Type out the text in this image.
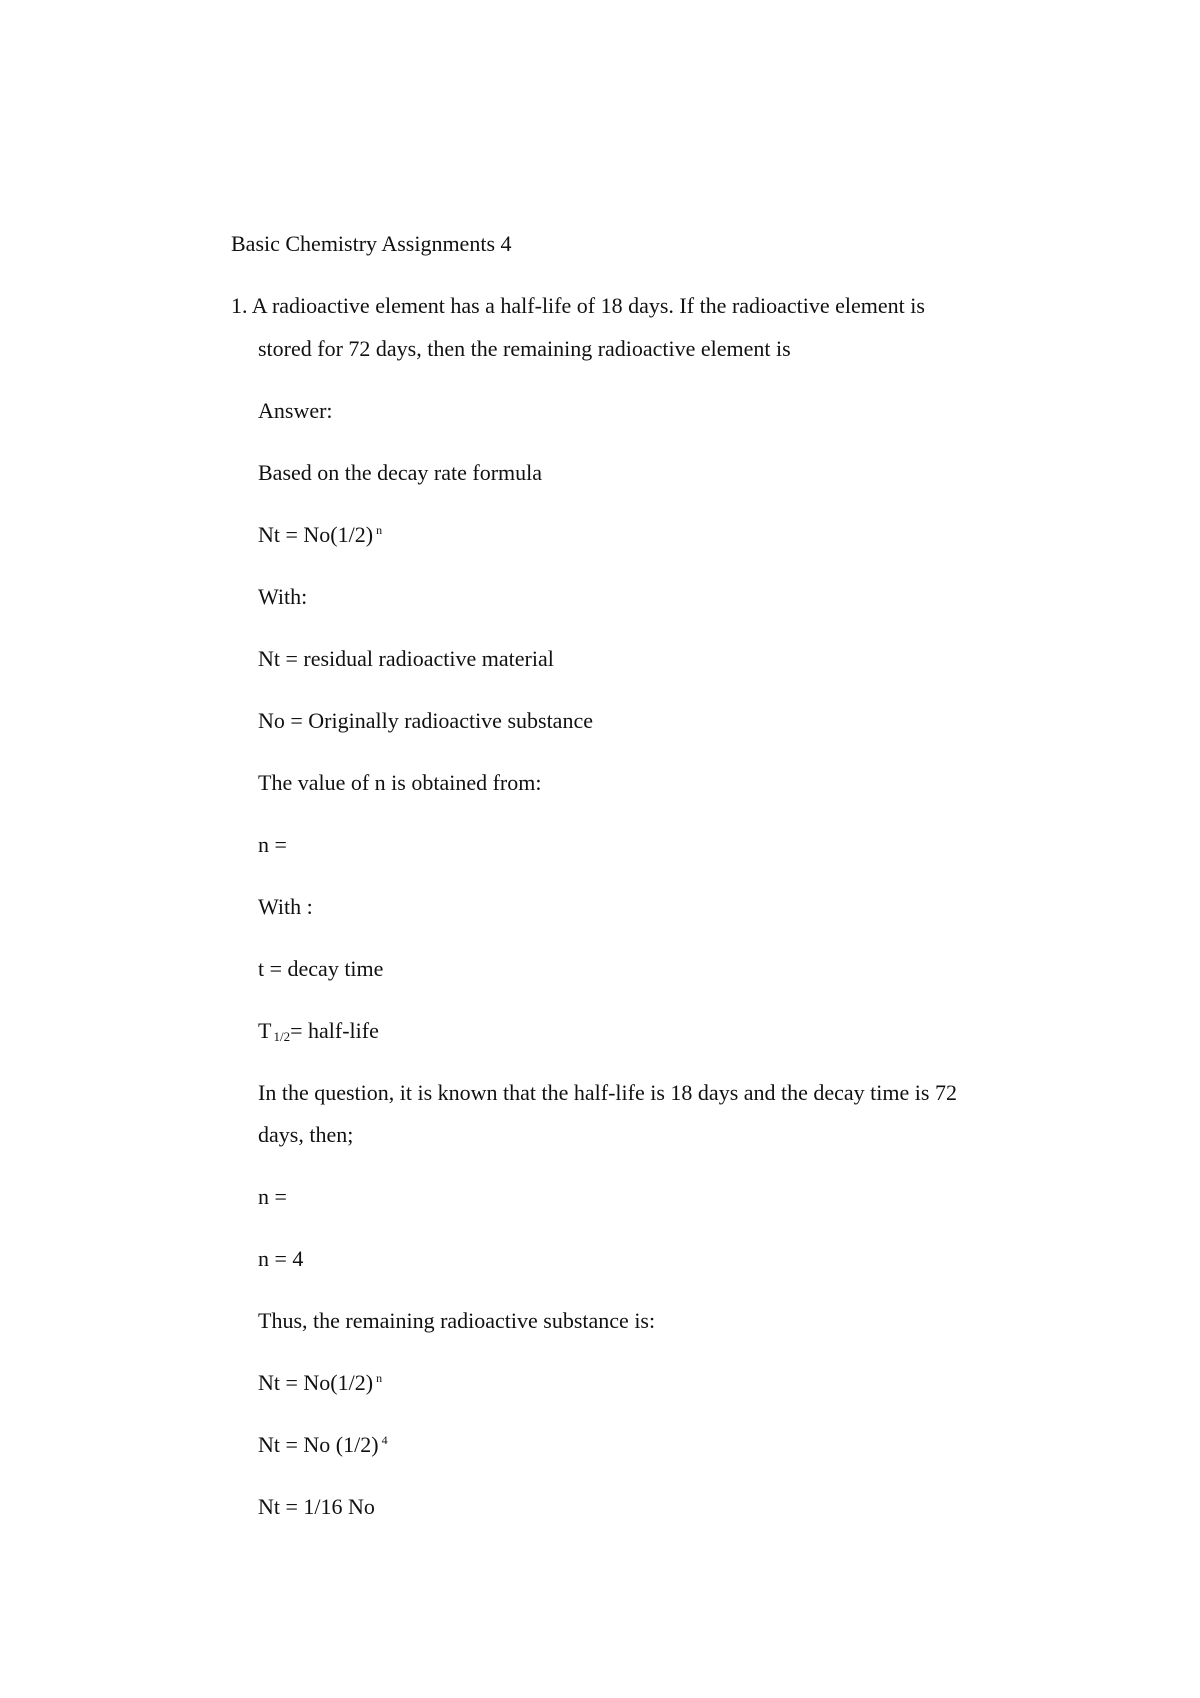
Basic Chemistry Assignments 4
1. A radioactive element has a half-life of 18 days. If the radioactive element is
stored for 72 days, then the remaining radioactive element is
Answer:
Based on the decay rate formula
Nt = No(1/2) $^n$
With:
Nt = residual radioactive material
No = Originally radioactive substance
The value of n is obtained from:
n =
With :
t = decay time
T $_{1/2}$= half-life
In the question, it is known that the half-life is 18 days and the decay time is 72
days, then;
n =
n = 4
Thus, the remaining radioactive substance is:
Nt = No(1/2) $^n$
Nt = No (1/2) $^4$
Nt = 1/16 No
